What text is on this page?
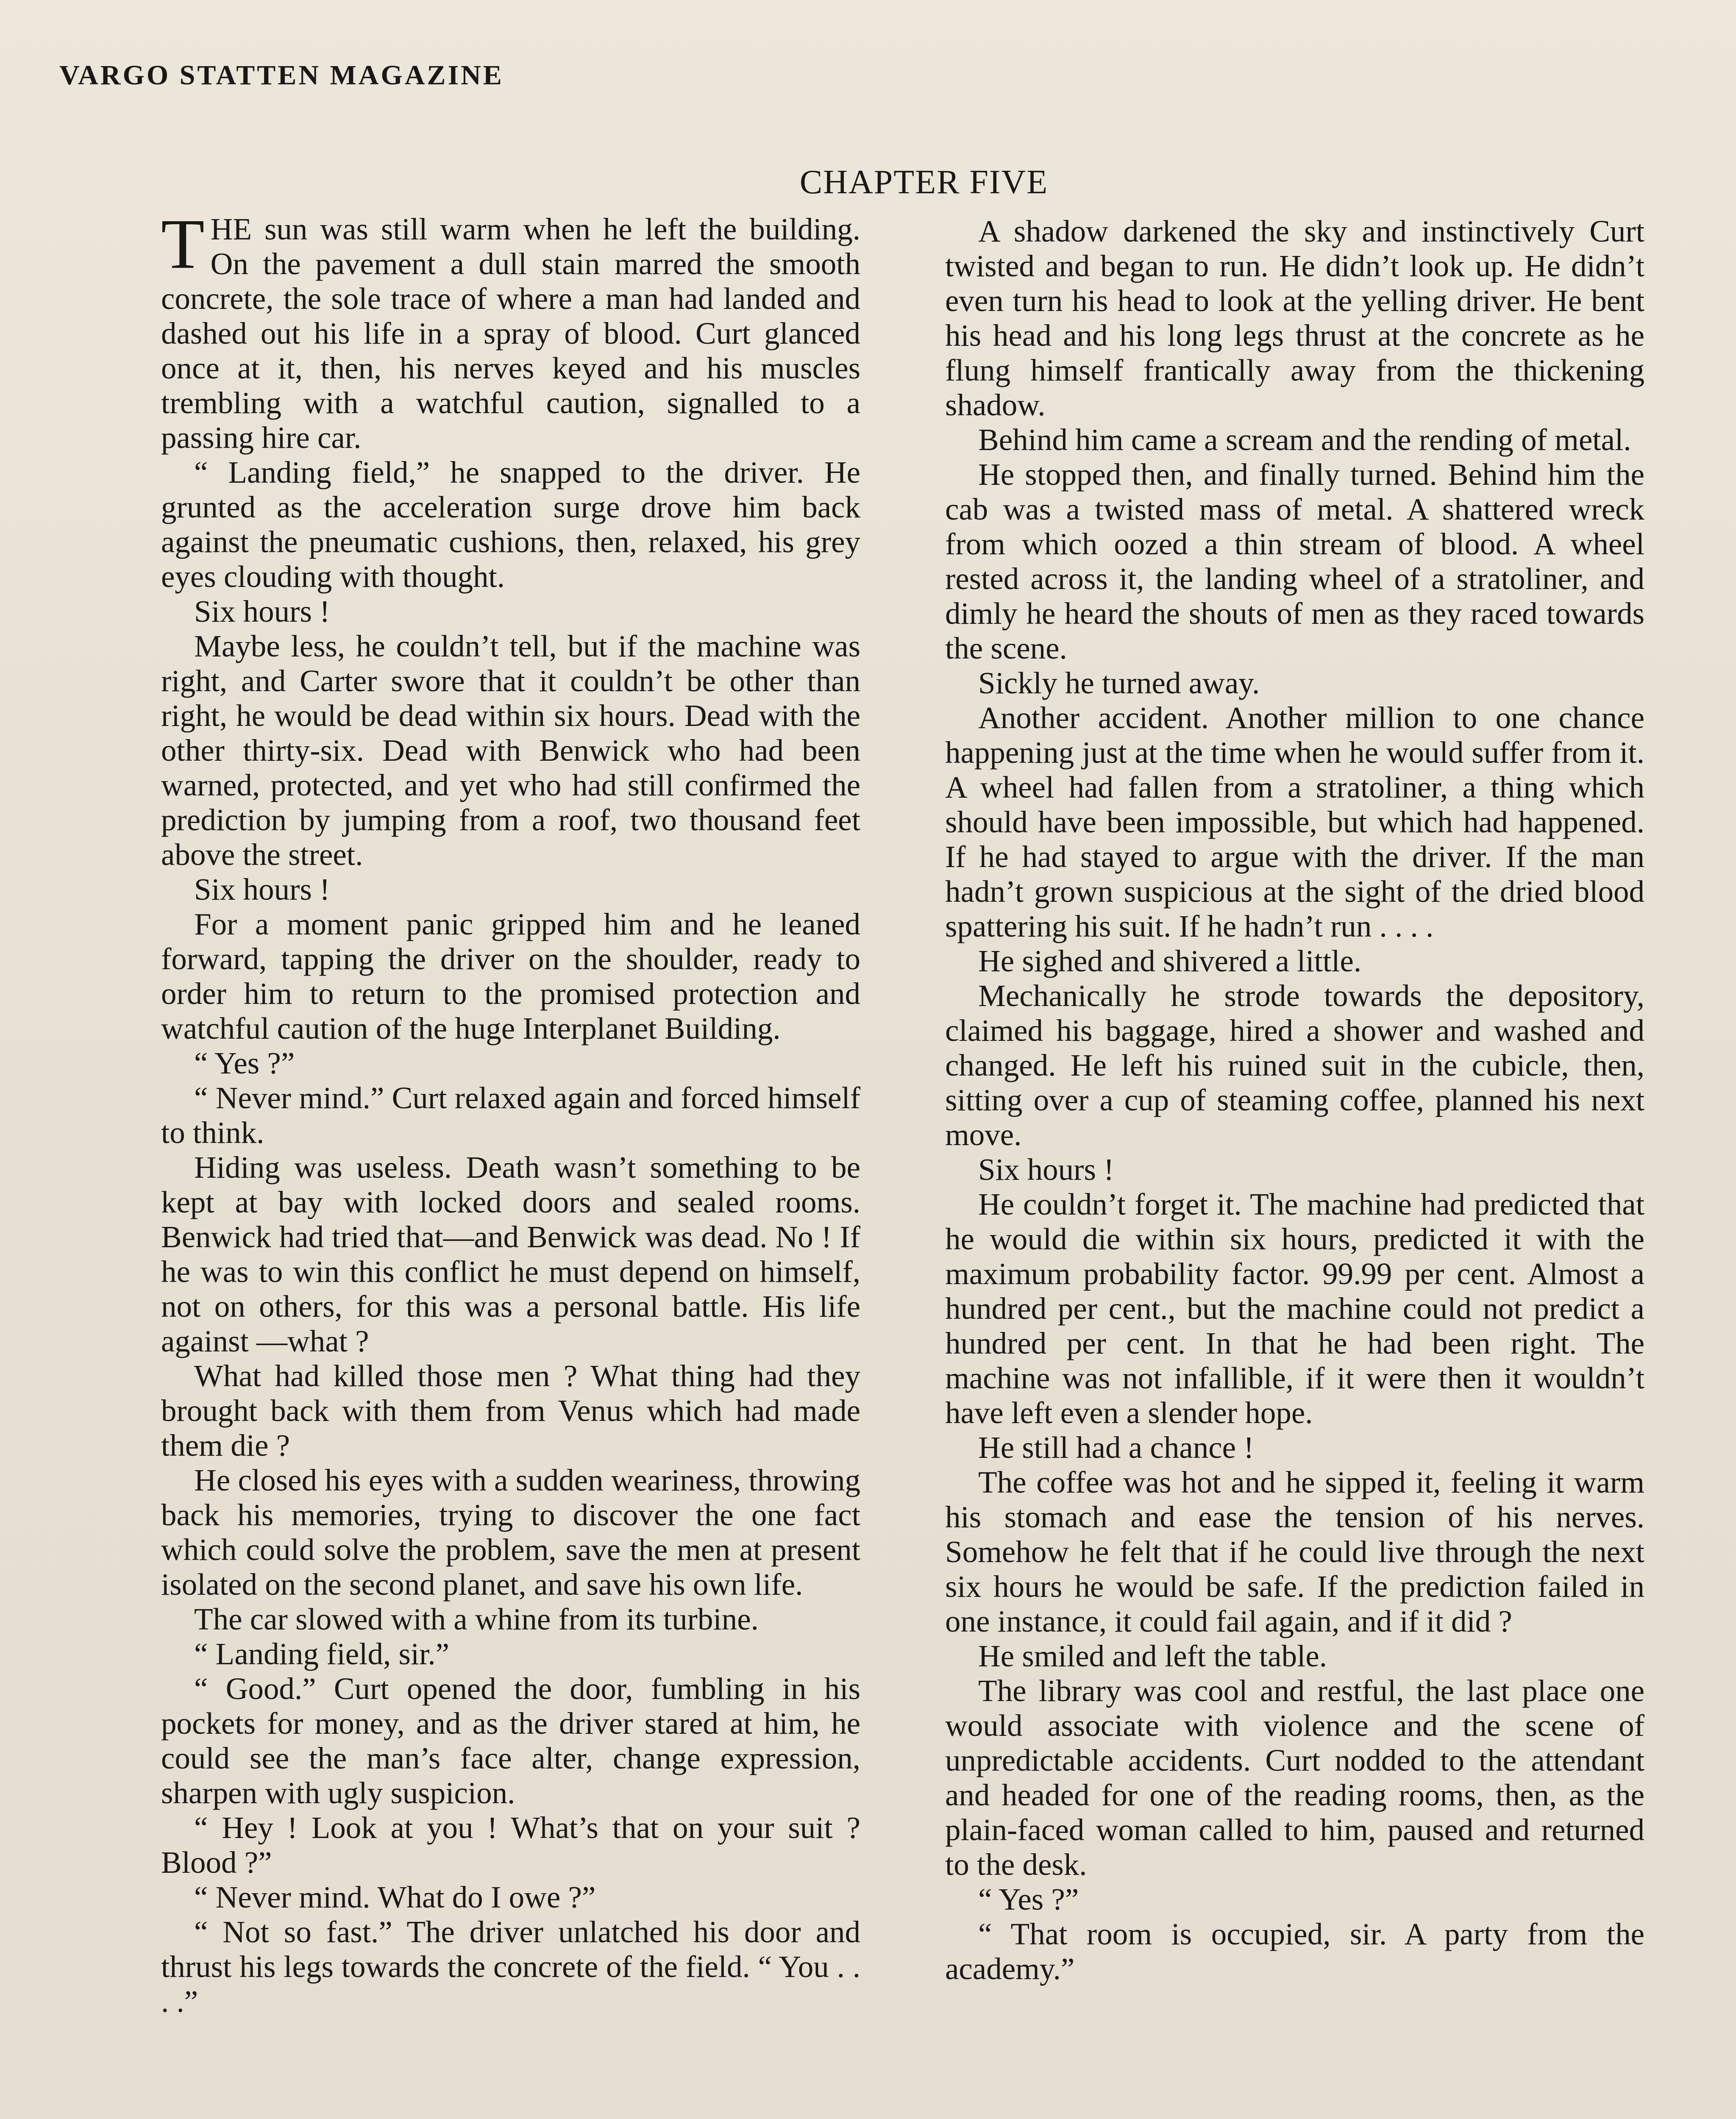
VARGO STATTEN MAGAZINE
CHAPTER FIVE

THE sun was still warm when he left the building. On the pavement a dull stain marred the smooth concrete, the sole trace of where a man had landed and dashed out his life in a spray of blood. Curt glanced once at it, then, his nerves keyed and his muscles trembling with a watchful caution, signalled to a passing hire car.

“ Landing field,” he snapped to the driver. He grunted as the acceleration surge drove him back against the pneumatic cushions, then, relaxed, his grey eyes clouding with thought.

Six hours !

Maybe less, he couldn’t tell, but if the machine was right, and Carter swore that it couldn’t be other than right, he would be dead within six hours. Dead with the other thirty-six. Dead with Benwick who had been warned, protected, and yet who had still confirmed the prediction by jumping from a roof, two thousand feet above the street.

Six hours !

For a moment panic gripped him and he leaned forward, tapping the driver on the shoulder, ready to order him to return to the promised protection and watchful caution of the huge Interplanet Building.

“ Yes ?”

“ Never mind.” Curt relaxed again and forced himself to think.

Hiding was useless. Death wasn’t something to be kept at bay with locked doors and sealed rooms. Benwick had tried that—and Benwick was dead. No ! If he was to win this conflict he must depend on himself, not on others, for this was a personal battle. His life against —what ?

What had killed those men ? What thing had they brought back with them from Venus which had made them die ?

He closed his eyes with a sudden weariness, throwing back his memories, trying to discover the one fact which could solve the problem, save the men at present isolated on the second planet, and save his own life.

The car slowed with a whine from its turbine.

“ Landing field, sir.”

“ Good.” Curt opened the door, fumbling in his pockets for money, and as the driver stared at him, he could see the man’s face alter, change expression, sharpen with ugly suspicion.

“ Hey ! Look at you ! What’s that on your suit ? Blood ?”

“ Never mind. What do I owe ?”

“ Not so fast.” The driver unlatched his door and thrust his legs towards the concrete of the field. “ You . . . .”

A shadow darkened the sky and instinctively Curt twisted and began to run. He didn’t look up. He didn’t even turn his head to look at the yelling driver. He bent his head and his long legs thrust at the concrete as he flung himself frantically away from the thickening shadow.

Behind him came a scream and the rending of metal.

He stopped then, and finally turned. Behind him the cab was a twisted mass of metal. A shattered wreck from which oozed a thin stream of blood. A wheel rested across it, the landing wheel of a stratoliner, and dimly he heard the shouts of men as they raced towards the scene.

Sickly he turned away.

Another accident. Another million to one chance happening just at the time when he would suffer from it. A wheel had fallen from a stratoliner, a thing which should have been impossible, but which had happened. If he had stayed to argue with the driver. If the man hadn’t grown suspicious at the sight of the dried blood spattering his suit. If he hadn’t run . . . .

He sighed and shivered a little.

Mechanically he strode towards the depository, claimed his baggage, hired a shower and washed and changed. He left his ruined suit in the cubicle, then, sitting over a cup of steaming coffee, planned his next move.

Six hours !

He couldn’t forget it. The machine had predicted that he would die within six hours, predicted it with the maximum probability factor. 99.99 per cent. Almost a hundred per cent., but the machine could not predict a hundred per cent. In that he had been right. The machine was not infallible, if it were then it wouldn’t have left even a slender hope.

He still had a chance !

The coffee was hot and he sipped it, feeling it warm his stomach and ease the tension of his nerves. Somehow he felt that if he could live through the next six hours he would be safe. If the prediction failed in one instance, it could fail again, and if it did ?

He smiled and left the table.

The library was cool and restful, the last place one would associate with violence and the scene of unpredictable accidents. Curt nodded to the attendant and headed for one of the reading rooms, then, as the plain-faced woman called to him, paused and returned to the desk.

“ Yes ?”

“ That room is occupied, sir. A party from the academy.”
